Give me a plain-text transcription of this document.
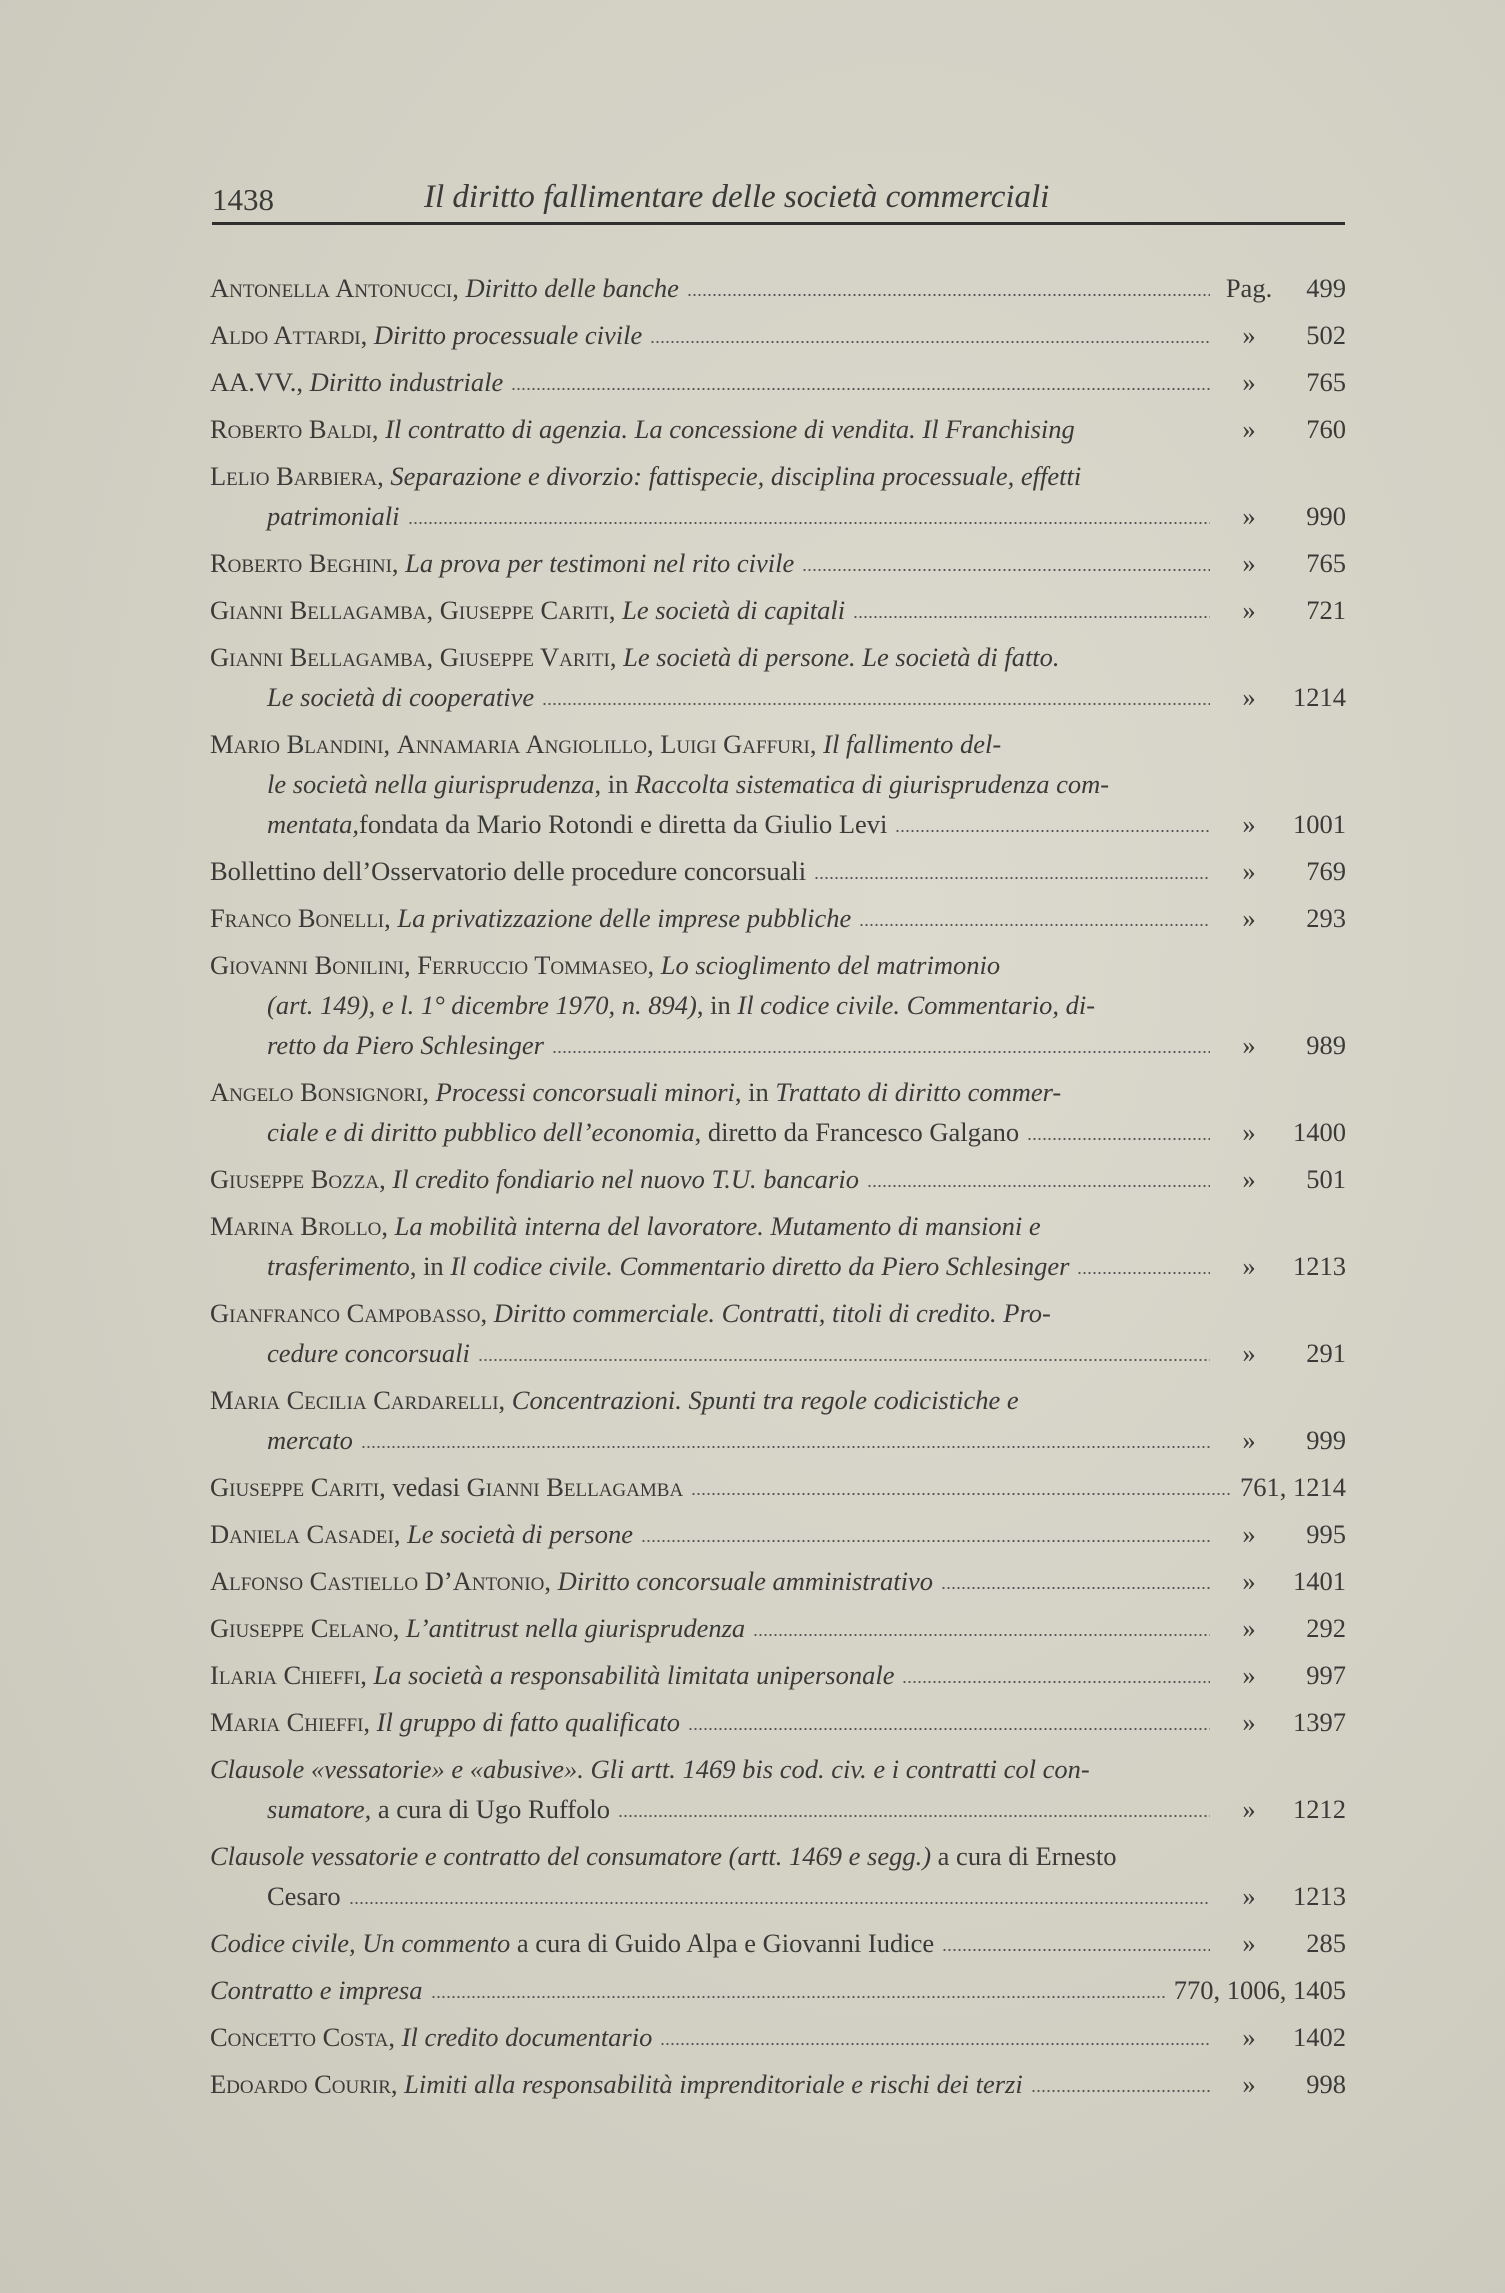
1438	Il diritto fallimentare delle società commerciali
Antonella Antonucci, Diritto delle banche	Pag.	499
Aldo Attardi, Diritto processuale civile	»	502
AA.VV., Diritto industriale	»	765
Roberto Baldi, Il contratto di agenzia. La concessione di vendita. Il Franchising	»	760
Lelio Barbiera, Separazione e divorzio: fattispecie, disciplina processuale, effetti
patrimoniali	»	990
Roberto Beghini, La prova per testimoni nel rito civile	»	765
Gianni Bellagamba, Giuseppe Cariti, Le società di capitali	»	721
Gianni Bellagamba, Giuseppe Variti, Le società di persone. Le società di fatto.
Le società di cooperative	»	1214
Mario Blandini, Annamaria Angiolillo, Luigi Gaffuri, Il fallimento del-
le società nella giurisprudenza, in Raccolta sistematica di giurisprudenza com-
mentata,fondata da Mario Rotondi e diretta da Giulio Levi	»	1001
Bollettino dell’Osservatorio delle procedure concorsuali	»	769
Franco Bonelli, La privatizzazione delle imprese pubbliche	»	293
Giovanni Bonilini, Ferruccio Tommaseo, Lo scioglimento del matrimonio
(art. 149), e l. 1° dicembre 1970, n. 894), in Il codice civile. Commentario, di-
retto da Piero Schlesinger	»	989
Angelo Bonsignori, Processi concorsuali minori, in Trattato di diritto commer-
ciale e di diritto pubblico dell’economia, diretto da Francesco Galgano	»	1400
Giuseppe Bozza, Il credito fondiario nel nuovo T.U. bancario	»	501
Marina Brollo, La mobilità interna del lavoratore. Mutamento di mansioni e
trasferimento, in Il codice civile. Commentario diretto da Piero Schlesinger	»	1213
Gianfranco Campobasso, Diritto commerciale. Contratti, titoli di credito. Pro-
cedure concorsuali	»	291
Maria Cecilia Cardarelli, Concentrazioni. Spunti tra regole codicistiche e
mercato	»	999
Giuseppe Cariti, vedasi Gianni Bellagamba	761, 1214
Daniela Casadei, Le società di persone	»	995
Alfonso Castiello D’Antonio, Diritto concorsuale amministrativo	»	1401
Giuseppe Celano, L’antitrust nella giurisprudenza	»	292
Ilaria Chieffi, La società a responsabilità limitata unipersonale	»	997
Maria Chieffi, Il gruppo di fatto qualificato	»	1397
Clausole «vessatorie» e «abusive». Gli artt. 1469 bis cod. civ. e i contratti col con-
sumatore, a cura di Ugo Ruffolo	»	1212
Clausole vessatorie e contratto del consumatore (artt. 1469 e segg.) a cura di Ernesto
Cesaro	»	1213
Codice civile, Un commento a cura di Guido Alpa e Giovanni Iudice	»	285
Contratto e impresa	770, 1006, 1405
Concetto Costa, Il credito documentario	»	1402
Edoardo Courir, Limiti alla responsabilità imprenditoriale e rischi dei terzi	»	998
